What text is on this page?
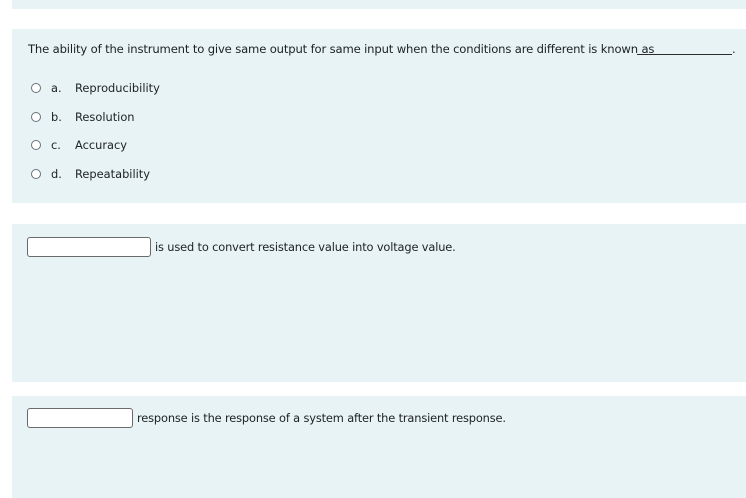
The ability of the instrument to give same output for same input when the conditions are different is known as	.
a.	Reproducibility
b.	Resolution
c.	Accuracy
d.	Repeatability
is used to convert resistance value into voltage value.
response is the response of a system after the transient response.
